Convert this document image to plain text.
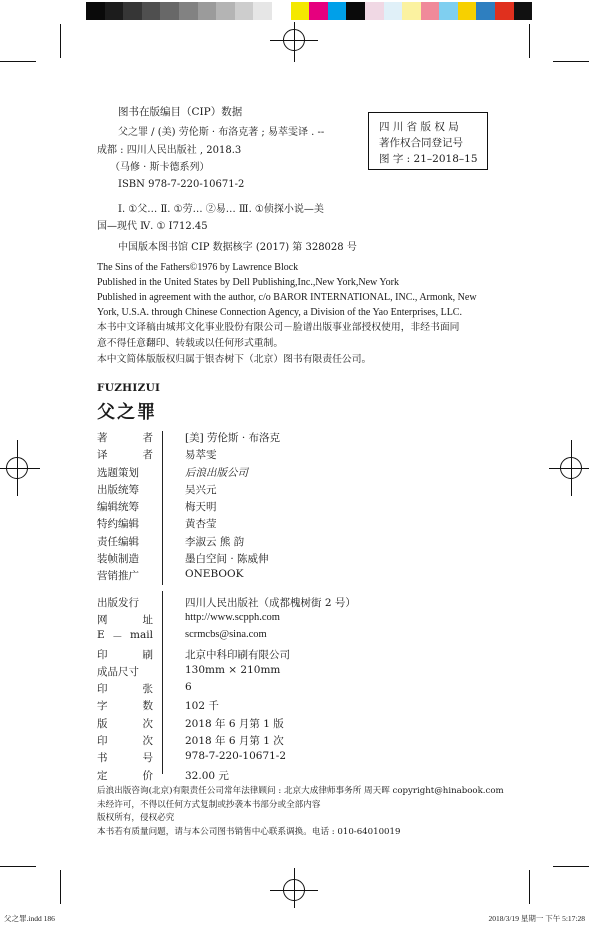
图书在版编目（CIP）数据
父之罪 / (美) 劳伦斯 · 布洛克著 ; 易萃雯译 . --
成都 : 四川人民出版社 , 2018.3
（马修 · 斯卡德系列）
ISBN 978-7-220-10671-2
Ⅰ. ①父… Ⅱ. ①劳… ②易… Ⅲ. ①侦探小说—美
国—现代 Ⅳ. ① I712.45
中国版本图书馆 CIP 数据核字 (2017) 第 328028 号
四 川 省 版 权 局
著作权合同登记号
图 字 : 21–2018–15
The Sins of the Fathers©1976 by Lawrence Block
Published in the United States by Dell Publishing,Inc.,New York,New York
Published in agreement with the author, c/o BAROR INTERNATIONAL, INC., Armonk, New
York, U.S.A. through Chinese Connection Agency, a Division of the Yao Enterprises, LLC.
本书中文译稿由城邦文化事业股份有限公司－脸谱出版事业部授权使用，非经书面同
意不得任意翻印、转载或以任何形式重制。
本中文简体版版权归属于银杏树下（北京）图书有限责任公司。
FUZHIZUI
父之罪
著	者	[美] 劳伦斯 · 布洛克
译	者	易萃雯
选题策划	后浪出版公司
出版统筹	吴兴元
编辑统筹	梅天明
特约编辑	黄杏莹
责任编辑	李淑云 熊 韵
装帧制造	墨白空间 · 陈威伸
营销推广	ONEBOOK
出版发行	四川人民出版社（成都槐树街 2 号）
网	址	http://www.scpph.com
E － mail	scrmcbs@sina.com
印	刷	北京中科印刷有限公司
成品尺寸	130mm × 210mm
印	张	6
字	数	102 千
版	次	2018 年 6 月第 1 版
印	次	2018 年 6 月第 1 次
书	号	978-7-220-10671-2
定	价	32.00 元
后浪出版咨询(北京)有限责任公司常年法律顾问 : 北京大成律师事务所 周天晖 copyright@hinabook.com
未经许可，不得以任何方式复制或抄袭本书部分或全部内容
版权所有，侵权必究
本书若有质量问题，请与本公司图书销售中心联系调换。电话 : 010-64010019
父之罪.indd 186	2018/3/19 星期一 下午 5:17:28
